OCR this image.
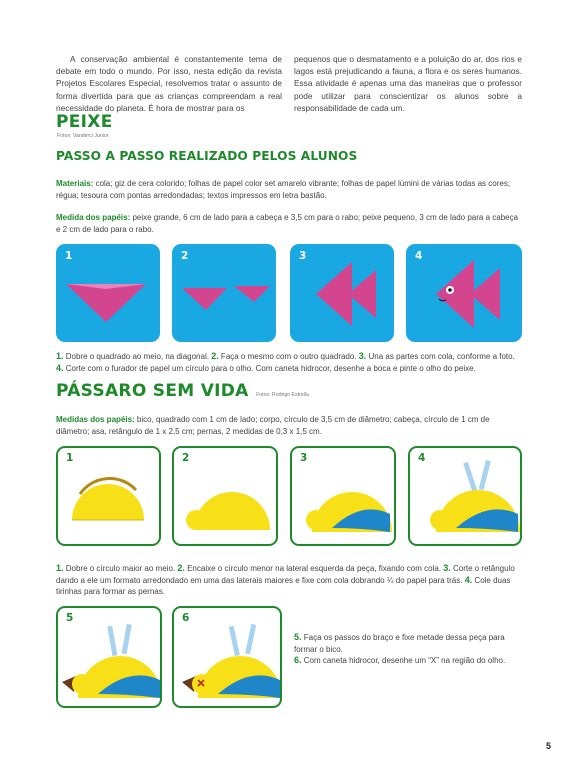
A conservação ambiental é constantemente tema de debate em todo o mundo. Por isso, nesta edição da revista Projetos Escolares Especial, resolvemos tratar o assunto de forma divertida para que as crianças compreendam a real necessidade do planeta. É hora de mostrar para os

pequenos que o desmatamento e a poluição do ar, dos rios e lagos está prejudicando a fauna, a flora e os seres humanos. Essa atividade é apenas uma das maneiras que o professor pode utilizar para conscientizar os alunos sobre a responsabilidade de cada um.

PEIXE
Fotos: Vanderci Junior
PASSO A PASSO REALIZADO PELOS ALUNOS
Materiais: cola; giz de cera colorido; folhas de papel color set amarelo vibrante; folhas de papel lúmini de várias todas as cores; régua; tesoura com pontas arredondadas; textos impressos em letra bastão.
Medida dos papéis: peixe grande, 6 cm de lado para a cabeça e 3,5 cm para o rabo; peixe pequeno, 3 cm de lado para a cabeça e 2 cm de lado para o rabo.
1	2	3	4
1. Dobre o quadrado ao meio, na diagonal. 2. Faça o mesmo com o outro quadrado. 3. Una as partes com cola, conforme a foto. 4. Corte com o furador de papel um círculo para o olho. Com caneta hidrocor, desenhe a boca e pinte o olho do peixe.
PÁSSARO SEM VIDA Fotos: Rodrigo Estrella
Medidas dos papéis: bico, quadrado com 1 cm de lado; corpo, círculo de 3,5 cm de diâmetro; cabeça, círculo de 1 cm de diâmetro; asa, retângulo de 1 x 2,5 cm; pernas, 2 medidas de 0,3 x 1,5 cm.
1	2	3	4
1. Dobre o círculo maior ao meio. 2. Encaixe o círculo menor na lateral esquerda da peça, fixando com cola. 3. Corte o retângulo dando a ele um formato arredondado em uma das laterais maiores e fixe com cola dobrando ¼ do papel para trás. 4. Cole duas tirinhas para formar as pernas.
5	6
5. Faça os passos do braço e fixe metade dessa peça para formar o bico.
6. Com caneta hidrocor, desenhe um “X” na região do olho.
5
